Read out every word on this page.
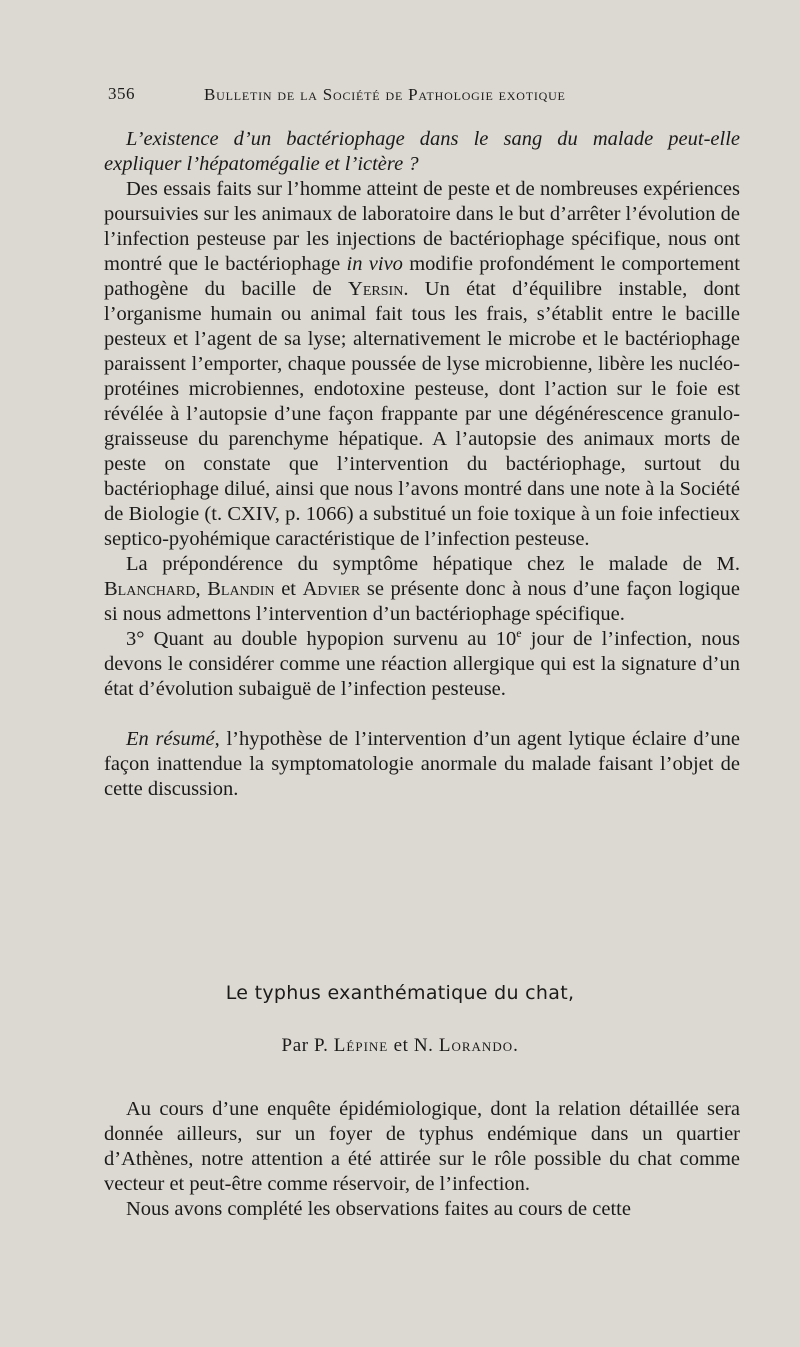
356	Bulletin de la Société de Pathologie exotique

L’existence d’un bactériophage dans le sang du malade peut-elle expliquer l’hépatomégalie et l’ictère ?

Des essais faits sur l’homme atteint de peste et de nombreuses expériences poursuivies sur les animaux de laboratoire dans le but d’arrêter l’évolution de l’infection pesteuse par les injections de bactériophage spécifique, nous ont montré que le bactériophage in vivo modifie profondément le comportement pathogène du bacille de Yersin. Un état d’équilibre instable, dont l’organisme humain ou animal fait tous les frais, s’établit entre le bacille pesteux et l’agent de sa lyse; alternativement le microbe et le bactériophage paraissent l’emporter, chaque poussée de lyse microbienne, libère les nucléo-protéines microbiennes, endotoxine pesteuse, dont l’action sur le foie est révélée à l’autopsie d’une façon frappante par une dégénérescence granulo-graisseuse du parenchyme hépatique. A l’autopsie des animaux morts de peste on constate que l’intervention du bactériophage, surtout du bactériophage dilué, ainsi que nous l’avons montré dans une note à la Société de Biologie (t. CXIV, p. 1066) a substitué un foie toxique à un foie infectieux septico-pyohémique caractéristique de l’infection pesteuse.

La prépondérence du symptôme hépatique chez le malade de M. Blanchard, Blandin et Advier se présente donc à nous d’une façon logique si nous admettons l’intervention d’un bactériophage spécifique.

3° Quant au double hypopion survenu au 10e jour de l’infection, nous devons le considérer comme une réaction allergique qui est la signature d’un état d’évolution subaiguë de l’infection pesteuse.

En résumé, l’hypothèse de l’intervention d’un agent lytique éclaire d’une façon inattendue la symptomatologie anormale du malade faisant l’objet de cette discussion.

Le typhus exanthématique du chat,
Par P. Lépine et N. Lorando.

Au cours d’une enquête épidémiologique, dont la relation détaillée sera donnée ailleurs, sur un foyer de typhus endémique dans un quartier d’Athènes, notre attention a été attirée sur le rôle possible du chat comme vecteur et peut-être comme réservoir, de l’infection.

Nous avons complété les observations faites au cours de cette
